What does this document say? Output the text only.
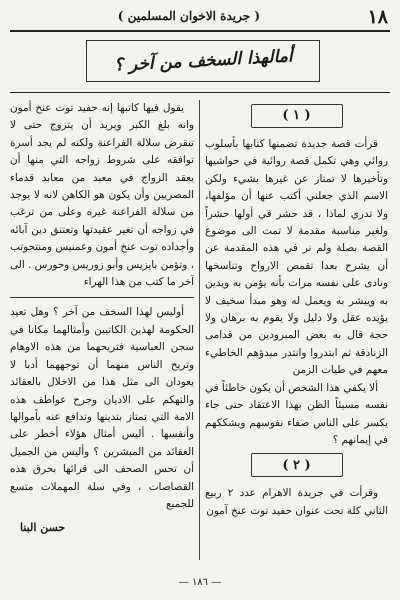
١٨
( جريدة الاخوان المسلمين )
أمالهذا السخف من آخر ؟
( ١ )

قرأت قصة جديدة تضمنها كتابها بأسلوب روائي وهي تكمل قصة روائية في حواشيها وتأخيرها لا تمتاز عن غيرها بشيء ولكن الاسم الذي جعلني أكتب عنها أن مؤلفها، ولا تدري لماذا ، قد حشر في أولها حشراً ولغير مناسبة مقدمة لا تمت الى موضوع القصة بصلة ولم نر في هذه المقدمة عن أن يشرح بعدا تقمص الارواح وتناسخها ونادى على نفسه مرات بأنه يؤمن به ويدين به ويبشر به ويعمل له وهو مبدأ سخيف لا يؤيده عقل ولا دليل ولا يقوم به برهان ولا حجة قال به بعض المبرودين من قدامى الزنادقة ثم ابتدروا وانتدر مبدؤهم الخاطيء معهم في طيات الزمن

ألا يكفي هذا الشخص أن يكون خاطئاً في نفسه مسيئاً الظن بهذا الاعتقاد حتى جاء يكسر على الناس صفاء نفوسهم ويشككهم في إيمانهم ؟

( ٢ )

وقرأت في جريدة الاهرام عدد ٢ ربيع الثاني كلة تحت عنوان حفيد توت عنخ آمون

يقول فيها كاتبها إنه حفيد توت عنخ أمون وانه بلغ الكبر ويريد أن يتزوج حتى لا تنقرض سلالة الفراعنة ولكنه لم يجد أسرة توافقه على شروط زواجه التي منها أن يعقد الزواج في معبد من معابد قدماء المصريين وأن يكون هو الكاهن لانه لا يوجد من سلالة الفراعنة غيره وعلى من ترغب في زواجه أن تغير عقيدتها وتعتنق دين آبائه وأجداده توت عنخ أمون وعمنيس ومنتحوتب ، وتؤمن بايزيس وأبو زوريس وحورس . الى آخر ما كتب من هذا الهراء

أوليس لهذا السخف من آخر ؟ وهل تعيد الحكومة لهذين الكاتبين وأمثالهما مكانا في سجن العباسية فتريحهما من هذه الاوهام وتريح الناس منهما أن توجههما أدبا لا يعودان الى مثل هذا من الاخلال بالعقائد والتهكم على الاديان وجرح عواطف هذه الامة التي تمتاز بتدينها وتدافع عنه بأموالها وأنفسها . أليس أمثال هؤلاء أخطر على العقائد من المبشرين ؟ وأليس من الجميل أن تحس الصحف الى قرائها بحرق هذه القصاصات ، وفي سلة المهملات متسع للجميع

حسن البنا
— ١٨٦ —
